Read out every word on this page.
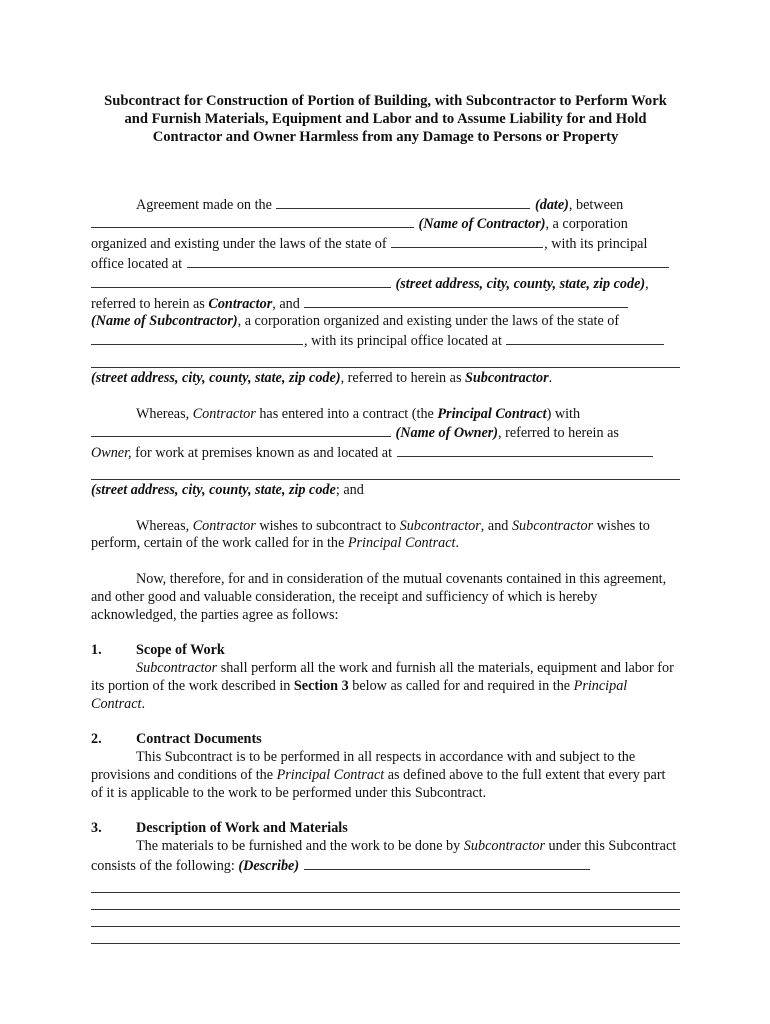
Subcontract for Construction of Portion of Building, with Subcontractor to Perform Work and Furnish Materials, Equipment and Labor and to Assume Liability for and Hold Contractor and Owner Harmless from any Damage to Persons or Property

Agreement made on the	(date), between

(Name of Contractor), a corporation organized and existing under the laws of the state of	, with its principal office located at   (street address, city, county, state, zip code),

referred to herein as Contractor, and

(Name of Subcontractor), a corporation organized and existing under the laws of the state of , with its principal office located at

(street address, city, county, state, zip code), referred to herein as Subcontractor.

Whereas, Contractor has entered into a contract (the Principal Contract) with

(Name of Owner), referred to herein as

Owner, for work at premises known as and located at

(street address, city, county, state, zip code; and

Whereas, Contractor wishes to subcontract to Subcontractor, and Subcontractor wishes to perform, certain of the work called for in the Principal Contract.

Now, therefore, for and in consideration of the mutual covenants contained in this agreement, and other good and valuable consideration, the receipt and sufficiency of which is hereby acknowledged, the parties agree as follows:

1. Scope of Work

Subcontractor shall perform all the work and furnish all the materials, equipment and labor for its portion of the work described in Section 3 below as called for and required in the Principal Contract.

2. Contract Documents

This Subcontract is to be performed in all respects in accordance with and subject to the provisions and conditions of the Principal Contract as defined above to the full extent that every part of it is applicable to the work to be performed under this Subcontract.

3. Description of Work and Materials

The materials to be furnished and the work to be done by Subcontractor under this Subcontract consists of the following: (Describe)
